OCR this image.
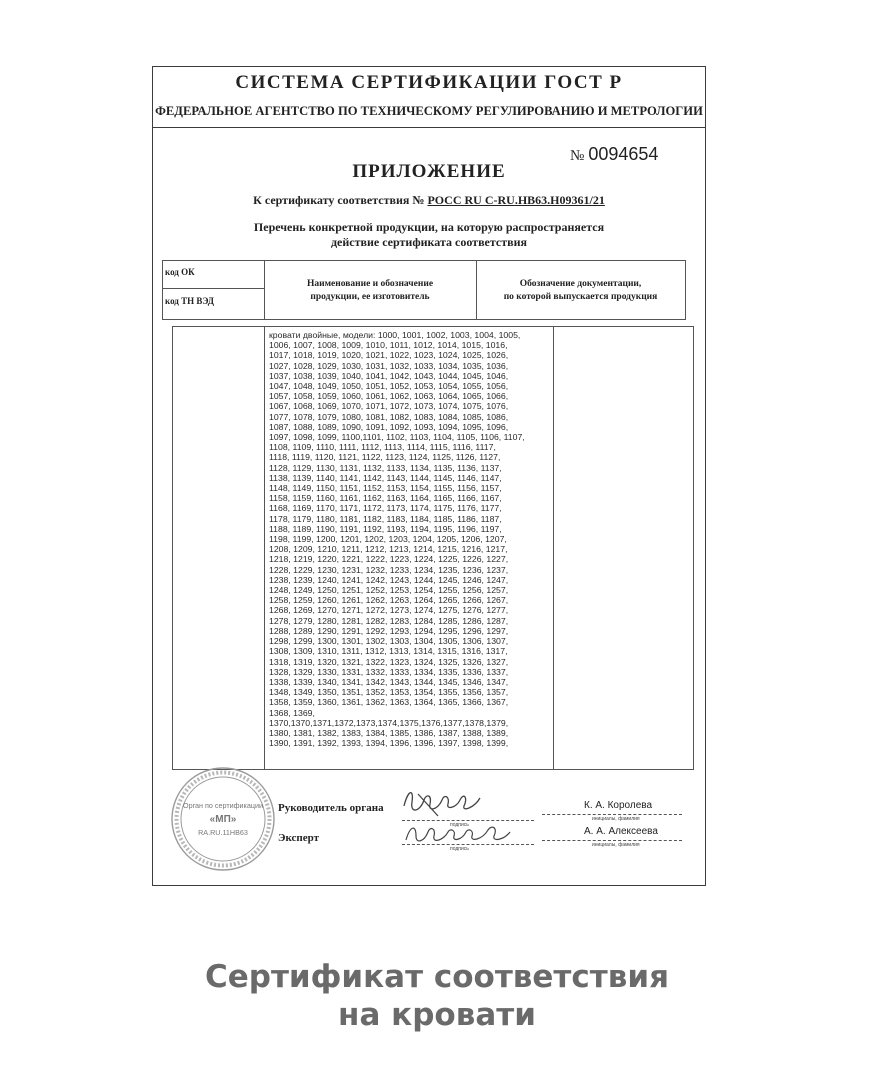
СИСТЕМА СЕРТИФИКАЦИИ ГОСТ Р
ФЕДЕРАЛЬНОЕ АГЕНТСТВО ПО ТЕХНИЧЕСКОМУ РЕГУЛИРОВАНИЮ И МЕТРОЛОГИИ
№ 0094654
ПРИЛОЖЕНИЕ
К сертификату соответствия № РОСС RU C-RU.HB63.H09361/21
Перечень конкретной продукции, на которую распространяется
действие сертификата соответствия
код ОК
код ТН ВЭД
Наименование и обозначение
продукции, ее изготовитель
Обозначение документации,
по которой выпускается продукция
кровати двойные, модели: 1000, 1001, 1002, 1003, 1004, 1005,
1006, 1007, 1008, 1009, 1010, 1011, 1012, 1014, 1015, 1016,
1017, 1018, 1019, 1020, 1021, 1022, 1023, 1024, 1025, 1026,
1027, 1028, 1029, 1030, 1031, 1032, 1033, 1034, 1035, 1036,
1037, 1038, 1039, 1040, 1041, 1042, 1043, 1044, 1045, 1046,
1047, 1048, 1049, 1050, 1051, 1052, 1053, 1054, 1055, 1056,
1057, 1058, 1059, 1060, 1061, 1062, 1063, 1064, 1065, 1066,
1067, 1068, 1069, 1070, 1071, 1072, 1073, 1074, 1075, 1076,
1077, 1078, 1079, 1080, 1081, 1082, 1083, 1084, 1085, 1086,
1087, 1088, 1089, 1090, 1091, 1092, 1093, 1094, 1095, 1096,
1097, 1098, 1099, 1100,1101, 1102, 1103, 1104, 1105, 1106, 1107,
1108, 1109, 1110, 1111, 1112, 1113, 1114, 1115, 1116, 1117,
1118, 1119, 1120, 1121, 1122, 1123, 1124, 1125, 1126, 1127,
1128, 1129, 1130, 1131, 1132, 1133, 1134, 1135, 1136, 1137,
1138, 1139, 1140, 1141, 1142, 1143, 1144, 1145, 1146, 1147,
1148, 1149, 1150, 1151, 1152, 1153, 1154, 1155, 1156, 1157,
1158, 1159, 1160, 1161, 1162, 1163, 1164, 1165, 1166, 1167,
1168, 1169, 1170, 1171, 1172, 1173, 1174, 1175, 1176, 1177,
1178, 1179, 1180, 1181, 1182, 1183, 1184, 1185, 1186, 1187,
1188, 1189, 1190, 1191, 1192, 1193, 1194, 1195, 1196, 1197,
1198, 1199, 1200, 1201, 1202, 1203, 1204, 1205, 1206, 1207,
1208, 1209, 1210, 1211, 1212, 1213, 1214, 1215, 1216, 1217,
1218, 1219, 1220, 1221, 1222, 1223, 1224, 1225, 1226, 1227,
1228, 1229, 1230, 1231, 1232, 1233, 1234, 1235, 1236, 1237,
1238, 1239, 1240, 1241, 1242, 1243, 1244, 1245, 1246, 1247,
1248, 1249, 1250, 1251, 1252, 1253, 1254, 1255, 1256, 1257,
1258, 1259, 1260, 1261, 1262, 1263, 1264, 1265, 1266, 1267,
1268, 1269, 1270, 1271, 1272, 1273, 1274, 1275, 1276, 1277,
1278, 1279, 1280, 1281, 1282, 1283, 1284, 1285, 1286, 1287,
1288, 1289, 1290, 1291, 1292, 1293, 1294, 1295, 1296, 1297,
1298, 1299, 1300, 1301, 1302, 1303, 1304, 1305, 1306, 1307,
1308, 1309, 1310, 1311, 1312, 1313, 1314, 1315, 1316, 1317,
1318, 1319, 1320, 1321, 1322, 1323, 1324, 1325, 1326, 1327,
1328, 1329, 1330, 1331, 1332, 1333, 1334, 1335, 1336, 1337,
1338, 1339, 1340, 1341, 1342, 1343, 1344, 1345, 1346, 1347,
1348, 1349, 1350, 1351, 1352, 1353, 1354, 1355, 1356, 1357,
1358, 1359, 1360, 1361, 1362, 1363, 1364, 1365, 1366, 1367,
1368, 1369,
1370,1370,1371,1372,1373,1374,1375,1376,1377,1378,1379,
1380, 1381, 1382, 1383, 1384, 1385, 1386, 1387, 1388, 1389,
1390, 1391, 1392, 1393, 1394, 1396, 1396, 1397, 1398, 1399,
Орган по сертификации
«МП»
RA.RU.11HB63
Руководитель органа
подпись
К. А. Королева
инициалы, фамилия
Эксперт
подпись
А. А. Алексеева
инициалы, фамилия
Сертификат соответствия
на кровати
